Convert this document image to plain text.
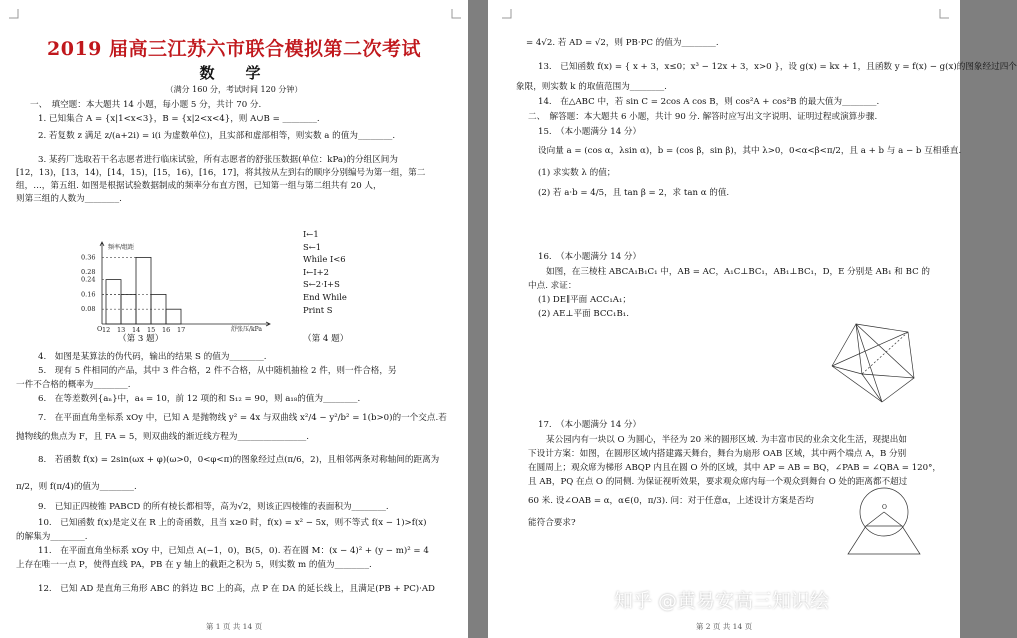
2019 届高三江苏六市联合模拟第二次考试
数　学
（满分 160 分，考试时间 120 分钟）
一、　填空题：本大题共 14 小题，每小题 5 分，共计 70 分.
1. 已知集合 A = {x|1<x<3}，B = {x|2<x<4}，则 A∪B = ________.
2. 若复数 z 满足 z/(a+2i) = i(i 为虚数单位)，且实部和虚部相等，则实数 a 的值为________.
3. 某药厂选取若干名志愿者进行临床试验，所有志愿者的舒张压数据(单位：kPa)的分组区间为
[12，13)，[13，14)，[14，15)，[15，16)，[16，17]，将其按从左到右的顺序分别编号为第一组，第二
组，…，第五组. 如图是根据试验数据制成的频率分布直方图，已知第一组与第二组共有 20 人，
则第三组的人数为________.
0.36
0.28
0.24
0.16
0.08
12 13 14 15 16 17
频率/组距
舒张压/kPa
O
I←1
S←1
While I<6
I←I+2
S←2·I+S
End While
Print S
（第 3 题）	（第 4 题）
4.　如图是某算法的伪代码，输出的结果 S 的值为________.
5.　现有 5 件相同的产品，其中 3 件合格，2 件不合格，从中随机抽检 2 件，则一件合格，另
一件不合格的概率为________.
6.　在等差数列{aₙ}中，a₄ = 10，前 12 项的和 S₁₂ = 90，则 a₁₈的值为________.
7.　在平面直角坐标系 xOy 中，已知 A 是抛物线 y² = 4x 与双曲线 x²/4 − y²/b² = 1(b>0)的一个交点.若
抛物线的焦点为 F，且 FA = 5，则双曲线的渐近线方程为________________.
8.　若函数 f(x) = 2sin(ωx + φ)(ω>0，0<φ<π)的图象经过点(π/6，2)，且相邻两条对称轴间的距离为
π/2，则 f(π/4)的值为________.
9.　已知正四棱锥 PABCD 的所有棱长都相等，高为√2，则该正四棱锥的表面积为________.
10.　已知函数 f(x)是定义在 R 上的奇函数，且当 x≥0 时，f(x) = x² − 5x，则不等式 f(x − 1)>f(x)
的解集为________.
11.　在平面直角坐标系 xOy 中，已知点 A(−1，0)，B(5，0). 若在圆 M：(x − 4)² + (y − m)² = 4
上存在唯一一点 P，使得直线 PA，PB 在 y 轴上的截距之积为 5，则实数 m 的值为________.
12.　已知 AD 是直角三角形 ABC 的斜边 BC 上的高，点 P 在 DA 的延长线上，且满足(PB + PC)·AD
第 1 页 共 14 页
= 4√2. 若 AD = √2，则 PB·PC 的值为________.
13.　已知函数 f(x) = { x + 3，x≤0；x³ − 12x + 3，x>0 }，设 g(x) = kx + 1，且函数 y = f(x) − g(x)的图象经过四个
象限，则实数 k 的取值范围为________.
14.　在△ABC 中，若 sin C = 2cos A cos B，则 cos²A + cos²B 的最大值为________.
二、　解答题：本大题共 6 小题，共计 90 分. 解答时应写出文字说明、证明过程或演算步骤.
15.　（本小题满分 14 分）
设向量 a = (cos α，λsin α)，b = (cos β，sin β)，其中 λ>0，0<α<β<π/2，且 a + b 与 a − b 互相垂直.
(1) 求实数 λ 的值；
(2) 若 a·b = 4/5，且 tan β = 2，求 tan α 的值.
16.　（本小题满分 14 分）
如图，在三棱柱 ABCA₁B₁C₁ 中，AB = AC，A₁C⊥BC₁，AB₁⊥BC₁，D，E 分别是 AB₁ 和 BC 的
中点. 求证：
(1) DE∥平面 ACC₁A₁；
(2) AE⊥平面 BCC₁B₁.
17.　（本小题满分 14 分）
某公园内有一块以 O 为圆心，半径为 20 米的圆形区域. 为丰富市民的业余文化生活，现提出如
下设计方案：如图，在圆形区域内搭建露天舞台，舞台为扇形 OAB 区域，其中两个端点 A，B 分别
在圆周上；观众席为梯形 ABQP 内且在圆 O 外的区域，其中 AP = AB = BQ，∠PAB = ∠QBA = 120°，
且 AB，PQ 在点 O 的同侧. 为保证视听效果，要求观众席内每一个观众到舞台 O 处的距离都不超过
60 米. 设∠OAB = α，α∈(0，π/3). 问：对于任意α，上述设计方案是否均
能符合要求?
O
第 2 页 共 14 页
知乎 @黄易安高三知识绘
